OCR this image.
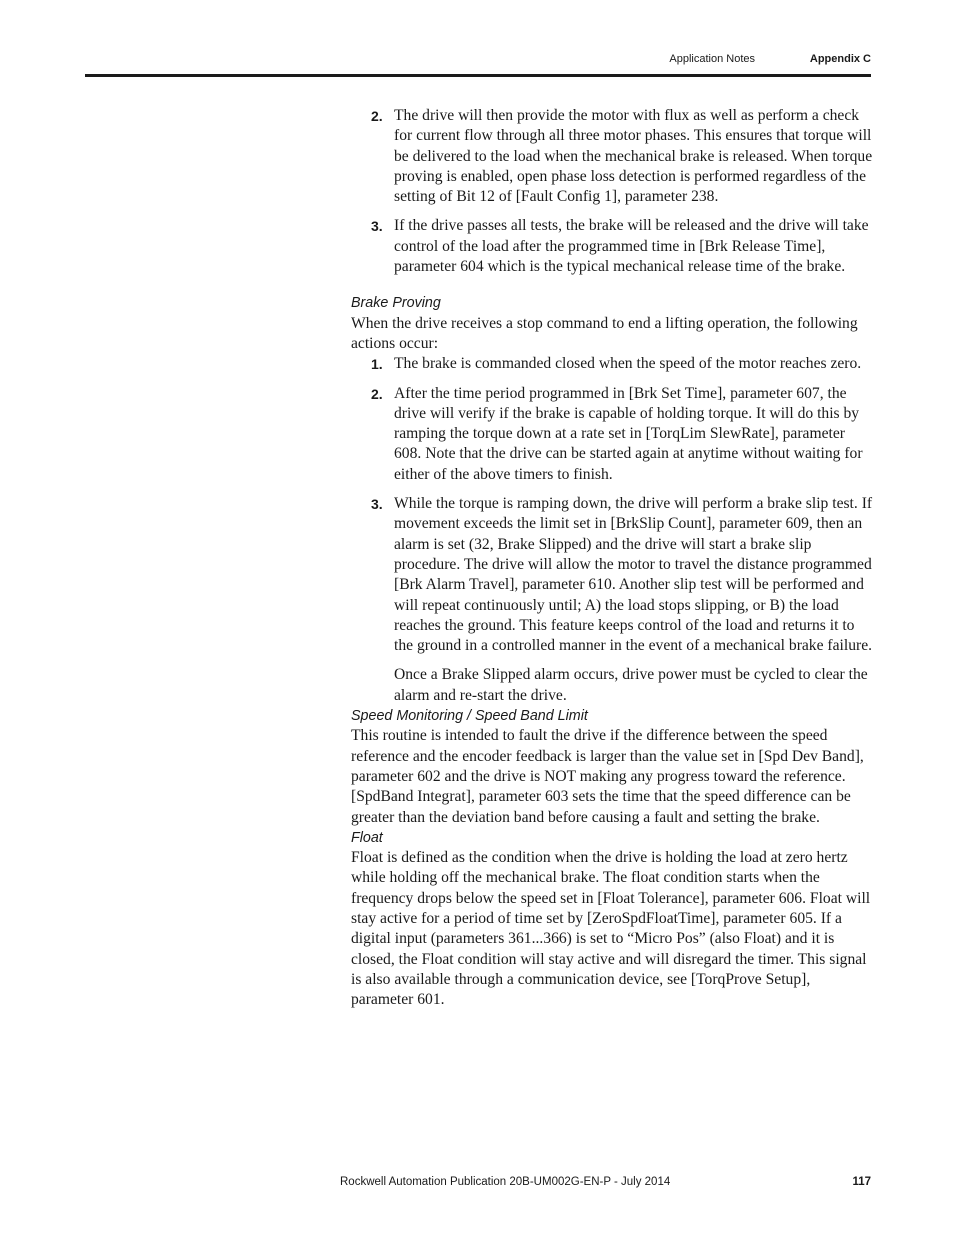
Application Notes	Appendix C
2. The drive will then provide the motor with flux as well as perform a check for current flow through all three motor phases. This ensures that torque will be delivered to the load when the mechanical brake is released. When torque proving is enabled, open phase loss detection is performed regardless of the setting of Bit 12 of [Fault Config 1], parameter 238.

3. If the drive passes all tests, the brake will be released and the drive will take control of the load after the programmed time in [Brk Release Time], parameter 604 which is the typical mechanical release time of the brake.

Brake Proving

When the drive receives a stop command to end a lifting operation, the following actions occur:

1. The brake is commanded closed when the speed of the motor reaches zero.

2. After the time period programmed in [Brk Set Time], parameter 607, the drive will verify if the brake is capable of holding torque. It will do this by ramping the torque down at a rate set in [TorqLim SlewRate], parameter 608. Note that the drive can be started again at anytime without waiting for either of the above timers to finish.

3. While the torque is ramping down, the drive will perform a brake slip test. If movement exceeds the limit set in [BrkSlip Count], parameter 609, then an alarm is set (32, Brake Slipped) and the drive will start a brake slip procedure. The drive will allow the motor to travel the distance programmed [Brk Alarm Travel], parameter 610. Another slip test will be performed and will repeat continuously until; A) the load stops slipping, or B) the load reaches the ground. This feature keeps control of the load and returns it to the ground in a controlled manner in the event of a mechanical brake failure.

Once a Brake Slipped alarm occurs, drive power must be cycled to clear the alarm and re-start the drive.

Speed Monitoring / Speed Band Limit

This routine is intended to fault the drive if the difference between the speed reference and the encoder feedback is larger than the value set in [Spd Dev Band], parameter 602 and the drive is NOT making any progress toward the reference. [SpdBand Integrat], parameter 603 sets the time that the speed difference can be greater than the deviation band before causing a fault and setting the brake.

Float

Float is defined as the condition when the drive is holding the load at zero hertz while holding off the mechanical brake. The float condition starts when the frequency drops below the speed set in [Float Tolerance], parameter 606. Float will stay active for a period of time set by [ZeroSpdFloatTime], parameter 605. If a digital input (parameters 361...366) is set to “Micro Pos” (also Float) and it is closed, the Float condition will stay active and will disregard the timer. This signal is also available through a communication device, see [TorqProve Setup], parameter 601.

Rockwell Automation Publication 20B-UM002G-EN-P - July 2014	117
